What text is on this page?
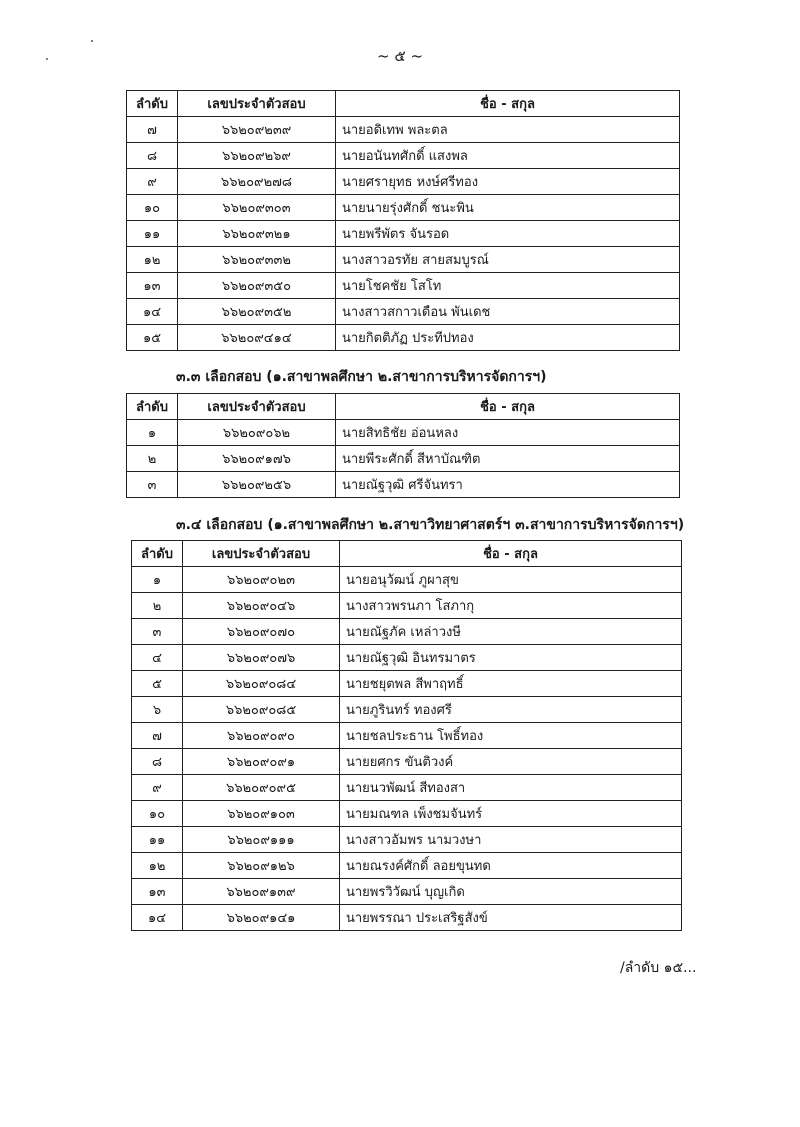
~ ๕ ~
ลำดับ	เลขประจำตัวสอบ	ชื่อ - สกุล
๗	๖๖๒๐๙๒๓๙	นายอดิเทพ พละตล
๘	๖๖๒๐๙๒๖๙	นายอนันทศักดิ์ แสงพล
๙	๖๖๒๐๙๒๗๘	นายศรายุทธ หงษ์ศรีทอง
๑๐	๖๖๒๐๙๓๐๓	นายนายรุ่งศักดิ์ ชนะพิน
๑๑	๖๖๒๐๙๓๒๑	นายพรีพัตร จันรอด
๑๒	๖๖๒๐๙๓๓๒	นางสาวอรทัย สายสมบูรณ์
๑๓	๖๖๒๐๙๓๕๐	นายโชคชัย โสโท
๑๔	๖๖๒๐๙๓๕๒	นางสาวสกาวเดือน พันเดช
๑๕	๖๖๒๐๙๔๑๔	นายกิตติภัฏ ประทีปทอง
๓.๓ เลือกสอบ (๑.สาขาพลศึกษา ๒.สาขาการบริหารจัดการฯ)
ลำดับ	เลขประจำตัวสอบ	ชื่อ - สกุล
๑	๖๖๒๐๙๐๖๒	นายสิทธิชัย อ่อนหลง
๒	๖๖๒๐๙๑๗๖	นายพีระศักดิ์ สีหาบัณฑิต
๓	๖๖๒๐๙๒๕๖	นายณัฐวุฒิ ศรีจันทรา
๓.๔ เลือกสอบ (๑.สาขาพลศึกษา ๒.สาขาวิทยาศาสตร์ฯ ๓.สาขาการบริหารจัดการฯ)
ลำดับ	เลขประจำตัวสอบ	ชื่อ - สกุล
๑	๖๖๒๐๙๐๒๓	นายอนุวัฒน์ ภูผาสุข
๒	๖๖๒๐๙๐๔๖	นางสาวพรนภา โสภากุ
๓	๖๖๒๐๙๐๗๐	นายณัฐภัค เหล่าวงษี
๔	๖๖๒๐๙๐๗๖	นายณัฐวุฒิ อินทรมาตร
๕	๖๖๒๐๙๐๘๔	นายชยุตพล สีพาฤทธิ์
๖	๖๖๒๐๙๐๘๕	นายภูรินทร์ ทองศรี
๗	๖๖๒๐๙๐๙๐	นายชลประธาน โพธิ์ทอง
๘	๖๖๒๐๙๐๙๑	นายยศกร ขันติวงค์
๙	๖๖๒๐๙๐๙๕	นายนวพัฒน์ สีทองสา
๑๐	๖๖๒๐๙๑๐๓	นายมณฑล เพ็งชมจันทร์
๑๑	๖๖๒๐๙๑๑๑	นางสาวอัมพร นามวงษา
๑๒	๖๖๒๐๙๑๒๖	นายณรงค์ศักดิ์ ลอยขุนทด
๑๓	๖๖๒๐๙๑๓๙	นายพรวิวัฒน์ บุญเกิด
๑๔	๖๖๒๐๙๑๔๑	นายพรรณา ประเสริฐสังข์
/ลำดับ ๑๕...
